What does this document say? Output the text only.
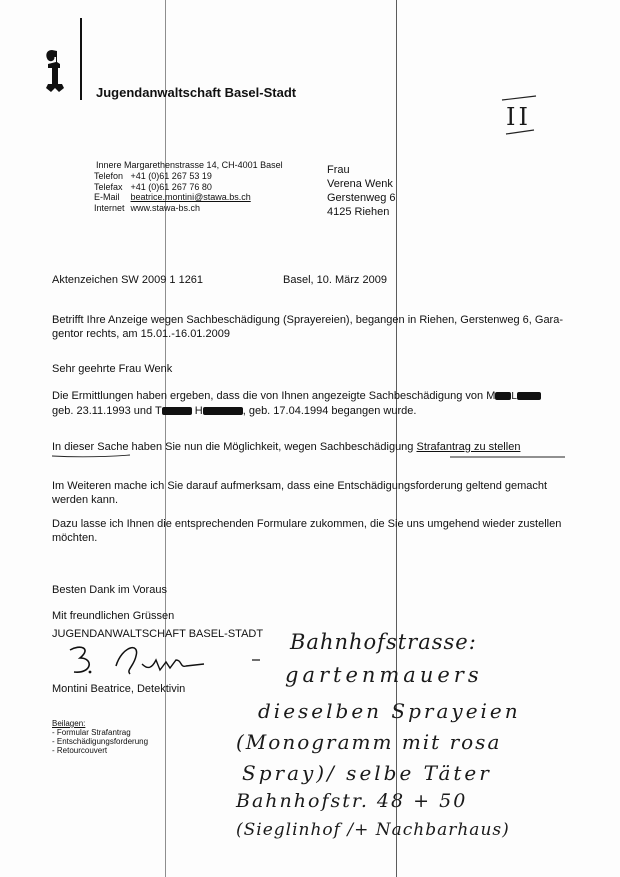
Jugendanwaltschaft Basel-Stadt
II
Innere Margarethenstrasse 14, CH-4001 Basel
Telefon	+41 (0)61 267 53 19
Telefax	+41 (0)61 267 76 80
E-Mail	beatrice.montini@stawa.bs.ch
Internet	www.stawa-bs.ch
Frau
Verena Wenk
Gerstenweg 6
4125 Riehen
Aktenzeichen SW 2009 1 1261	Basel, 10. März 2009
Betrifft Ihre Anzeige wegen Sachbeschädigung (Sprayereien), begangen in Riehen, Gerstenweg 6, Gara-
gentor rechts, am 15.01.-16.01.2009
Sehr geehrte Frau Wenk
Die Ermittlungen haben ergeben, dass die von Ihnen angezeigte Sachbeschädigung von M L
geb. 23.11.1993 und T	H	, geb. 17.04.1994 begangen wurde.
In dieser Sache haben Sie nun die Möglichkeit, wegen Sachbeschädigung Strafantrag zu stellen
Im Weiteren mache ich Sie darauf aufmerksam, dass eine Entschädigungsforderung geltend gemacht
werden kann.
Dazu lasse ich Ihnen die entsprechenden Formulare zukommen, die Sie uns umgehend wieder zustellen
möchten.
Besten Dank im Voraus
Mit freundlichen Grüssen
JUGENDANWALTSCHAFT BASEL-STADT
Montini Beatrice, Detektivin
Beilagen:
- Formular Strafantrag
- Entschädigungsforderung
- Retourcouvert
Bahnhofstrasse:
gartenmauers
dieselben Sprayeien
(Monogramm mit rosa
Spray)/ selbe Täter
Bahnhofstr. 48 + 50
(Sieglinhof /+ Nachbarhaus)
